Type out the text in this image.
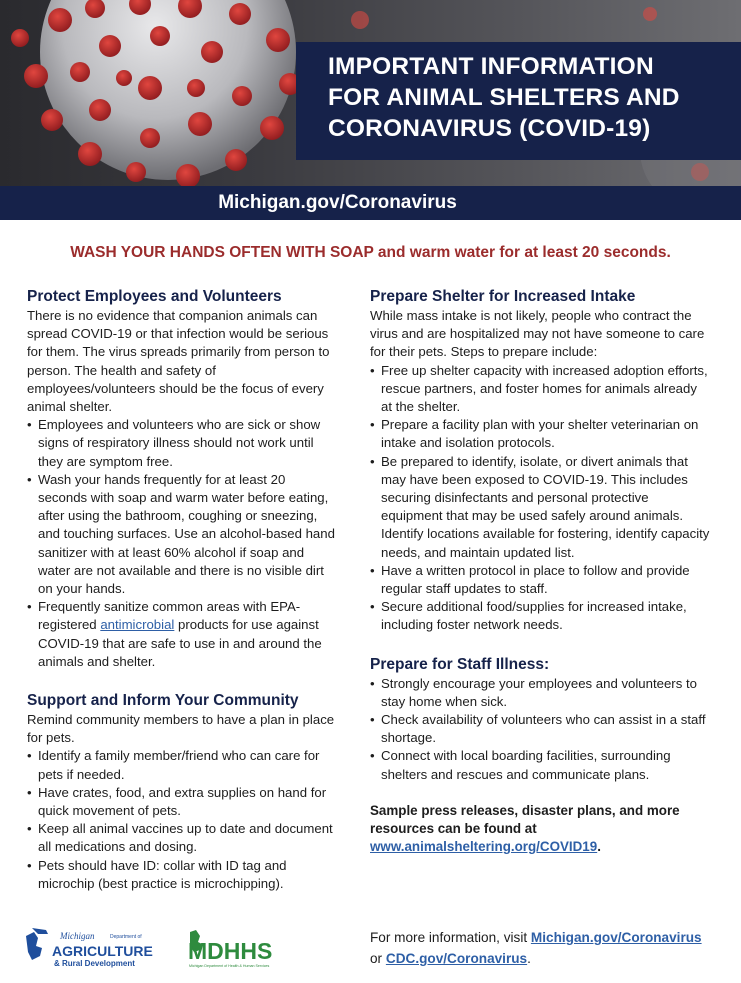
IMPORTANT INFORMATION
FOR ANIMAL SHELTERS AND
CORONAVIRUS (COVID-19)
Michigan.gov/Coronavirus
WASH YOUR HANDS OFTEN WITH SOAP and warm water for at least 20 seconds.
Protect Employees and Volunteers
There is no evidence that companion animals can spread COVID-19 or that infection would be serious for them. The virus spreads primarily from person to person. The health and safety of employees/volunteers should be the focus of every animal shelter.
• Employees and volunteers who are sick or show signs of respiratory illness should not work until they are symptom free.
• Wash your hands frequently for at least 20 seconds with soap and warm water before eating, after using the bathroom, coughing or sneezing, and touching surfaces. Use an alcohol-based hand sanitizer with at least 60% alcohol if soap and water are not available and there is no visible dirt on your hands.
• Frequently sanitize common areas with EPA-registered antimicrobial products for use against COVID-19 that are safe to use in and around the animals and shelter.
Support and Inform Your Community
Remind community members to have a plan in place for pets.
• Identify a family member/friend who can care for pets if needed.
• Have crates, food, and extra supplies on hand for quick movement of pets.
• Keep all animal vaccines up to date and document all medications and dosing.
• Pets should have ID: collar with ID tag and microchip (best practice is microchipping).
Prepare Shelter for Increased Intake
While mass intake is not likely, people who contract the virus and are hospitalized may not have someone to care for their pets. Steps to prepare include:
• Free up shelter capacity with increased adoption efforts, rescue partners, and foster homes for animals already at the shelter.
• Prepare a facility plan with your shelter veterinarian on intake and isolation protocols.
• Be prepared to identify, isolate, or divert animals that may have been exposed to COVID-19. This includes securing disinfectants and personal protective equipment that may be used safely around animals. Identify locations available for fostering, identify capacity needs, and maintain updated list.
• Have a written protocol in place to follow and provide regular staff updates to staff.
• Secure additional food/supplies for increased intake, including foster network needs.
Prepare for Staff Illness:
• Strongly encourage your employees and volunteers to stay home when sick.
• Check availability of volunteers who can assist in a staff shortage.
• Connect with local boarding facilities, surrounding shelters and rescues and communicate plans.
Sample press releases, disaster plans, and more resources can be found at www.animalsheltering.org/COVID19.
Michigan	Department of
AGRICULTURE
& Rural Development MDHHS
Michigan Department of Health & Human Services
For more information, visit Michigan.gov/Coronavirus
or CDC.gov/Coronavirus.
